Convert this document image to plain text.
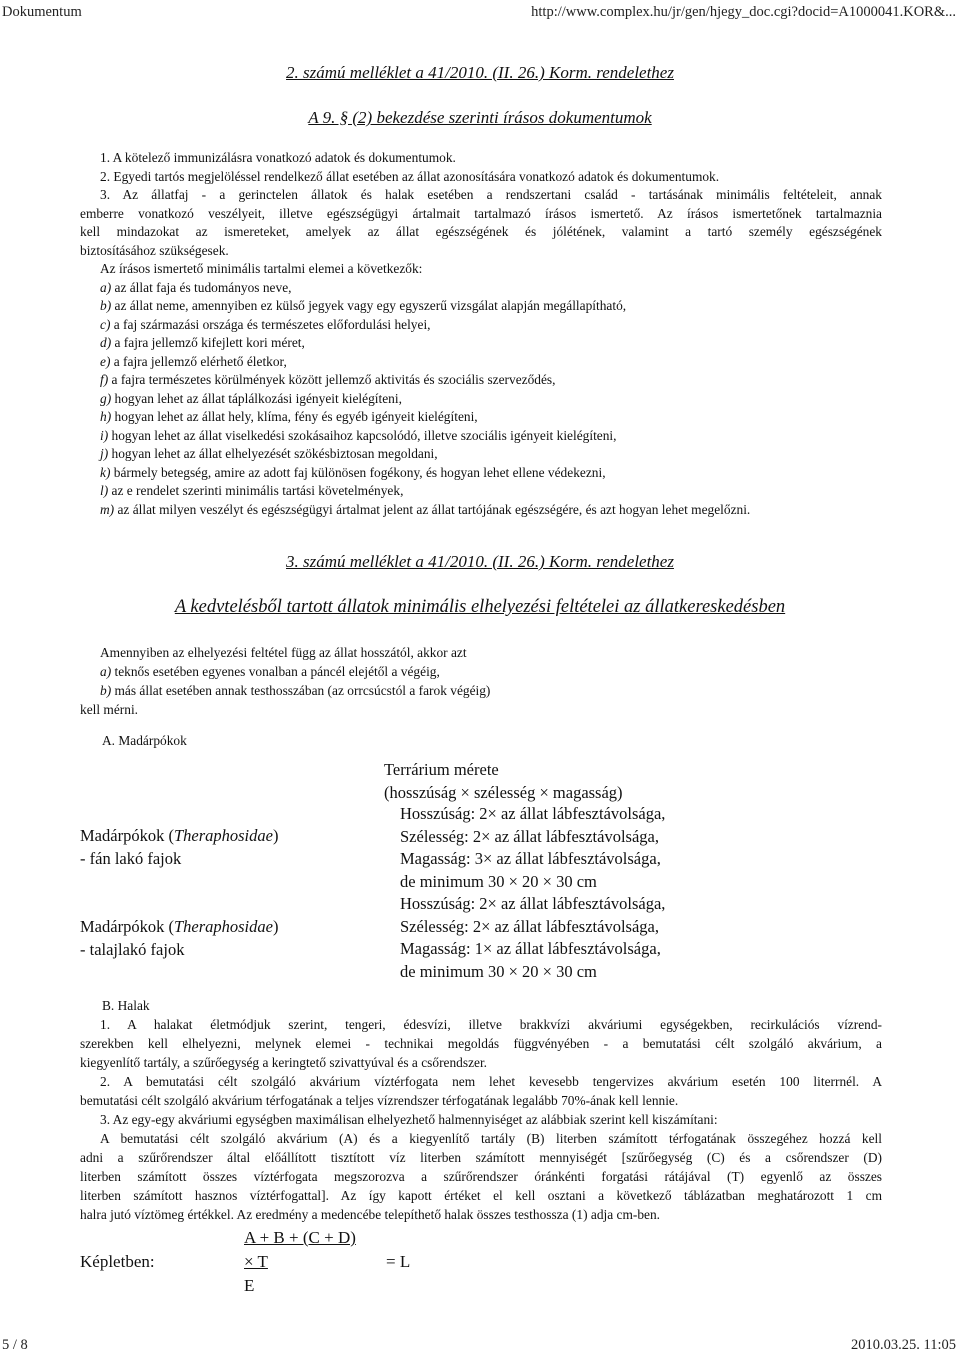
Dokumentum	http://www.complex.hu/jr/gen/hjegy_doc.cgi?docid=A1000041.KOR&...
2. számú melléklet a 41/2010. (II. 26.) Korm. rendelethez
A 9. § (2) bekezdése szerinti írásos dokumentumok
1. A kötelező immunizálásra vonatkozó adatok és dokumentumok.
2. Egyedi tartós megjelöléssel rendelkező állat esetében az állat azonosítására vonatkozó adatok és dokumentumok.
3. Az állatfaj - a gerinctelen állatok és halak esetében a rendszertani család - tartásának minimális feltételeit, annak
emberre vonatkozó veszélyeit, illetve egészségügyi ártalmait tartalmazó írásos ismertető. Az írásos ismertetőnek tartalmaznia
kell mindazokat az ismereteket, amelyek az állat egészségének és jólétének, valamint a tartó személy egészségének
biztosításához szükségesek.
Az írásos ismertető minimális tartalmi elemei a következők:
a) az állat faja és tudományos neve,
b) az állat neme, amennyiben ez külső jegyek vagy egy egyszerű vizsgálat alapján megállapítható,
c) a faj származási országa és természetes előfordulási helyei,
d) a fajra jellemző kifejlett kori méret,
e) a fajra jellemző elérhető életkor,
f) a fajra természetes körülmények között jellemző aktivitás és szociális szerveződés,
g) hogyan lehet az állat táplálkozási igényeit kielégíteni,
h) hogyan lehet az állat hely, klíma, fény és egyéb igényeit kielégíteni,
i) hogyan lehet az állat viselkedési szokásaihoz kapcsolódó, illetve szociális igényeit kielégíteni,
j) hogyan lehet az állat elhelyezését szökésbiztosan megoldani,
k) bármely betegség, amire az adott faj különösen fogékony, és hogyan lehet ellene védekezni,
l) az e rendelet szerinti minimális tartási követelmények,
m) az állat milyen veszélyt és egészségügyi ártalmat jelent az állat tartójának egészségére, és azt hogyan lehet megelőzni.
3. számú melléklet a 41/2010. (II. 26.) Korm. rendelethez
A kedvtelésből tartott állatok minimális elhelyezési feltételei az állatkereskedésben
Amennyiben az elhelyezési feltétel függ az állat hosszától, akkor azt
a) teknős esetében egyenes vonalban a páncél elejétől a végéig,
b) más állat esetében annak testhosszában (az orrcsúcstól a farok végéig)
kell mérni.
A. Madárpókok
Terrárium mérete
(hosszúság × szélesség × magasság)
Madárpókok (Theraphosidae)
- fán lakó fajok
Hosszúság: 2× az állat lábfesztávolsága,
Szélesség: 2× az állat lábfesztávolsága,
Magasság: 3× az állat lábfesztávolsága,
de minimum 30 × 20 × 30 cm
Madárpókok (Theraphosidae)
- talajlakó fajok
Hosszúság: 2× az állat lábfesztávolsága,
Szélesség: 2× az állat lábfesztávolsága,
Magasság: 1× az állat lábfesztávolsága,
de minimum 30 × 20 × 30 cm
B. Halak
1. A halakat életmódjuk szerint, tengeri, édesvízi, illetve brakkvízi akváriumi egységekben, recirkulációs vízrend-
szerekben kell elhelyezni, melynek elemei - technikai megoldás függvényében - a bemutatási célt szolgáló akvárium, a
kiegyenlítő tartály, a szűrőegység a keringtető szivattyúval és a csőrendszer.
2. A bemutatási célt szolgáló akvárium víztérfogata nem lehet kevesebb tengervizes akvárium esetén 100 literrnél. A
bemutatási célt szolgáló akvárium térfogatának a teljes vízrendszer térfogatának legalább 70%-ának kell lennie.
3. Az egy-egy akváriumi egységben maximálisan elhelyezhető halmennyiséget az alábbiak szerint kell kiszámítani:
A bemutatási célt szolgáló akvárium (A) és a kiegyenlítő tartály (B) literben számított térfogatának összegéhez hozzá kell
adni a szűrőrendszer által előállított tisztított víz literben számított mennyiségét [szűrőegység (C) és a csőrendszer (D)
literben számított összes víztérfogata megszorozva a szűrőrendszer óránkénti forgatási rátájával (T) egyenlő az összes
literben számított hasznos víztérfogattal]. Az így kapott értéket el kell osztani a következő táblázatban meghatározott 1 cm
halra jutó víztömeg értékkel. Az eredmény a medencébe telepíthető halak összes testhossza (1) adja cm-ben.
Képletben:
A + B + (C + D)
× T	= L
E
5 / 8	2010.03.25. 11:05
